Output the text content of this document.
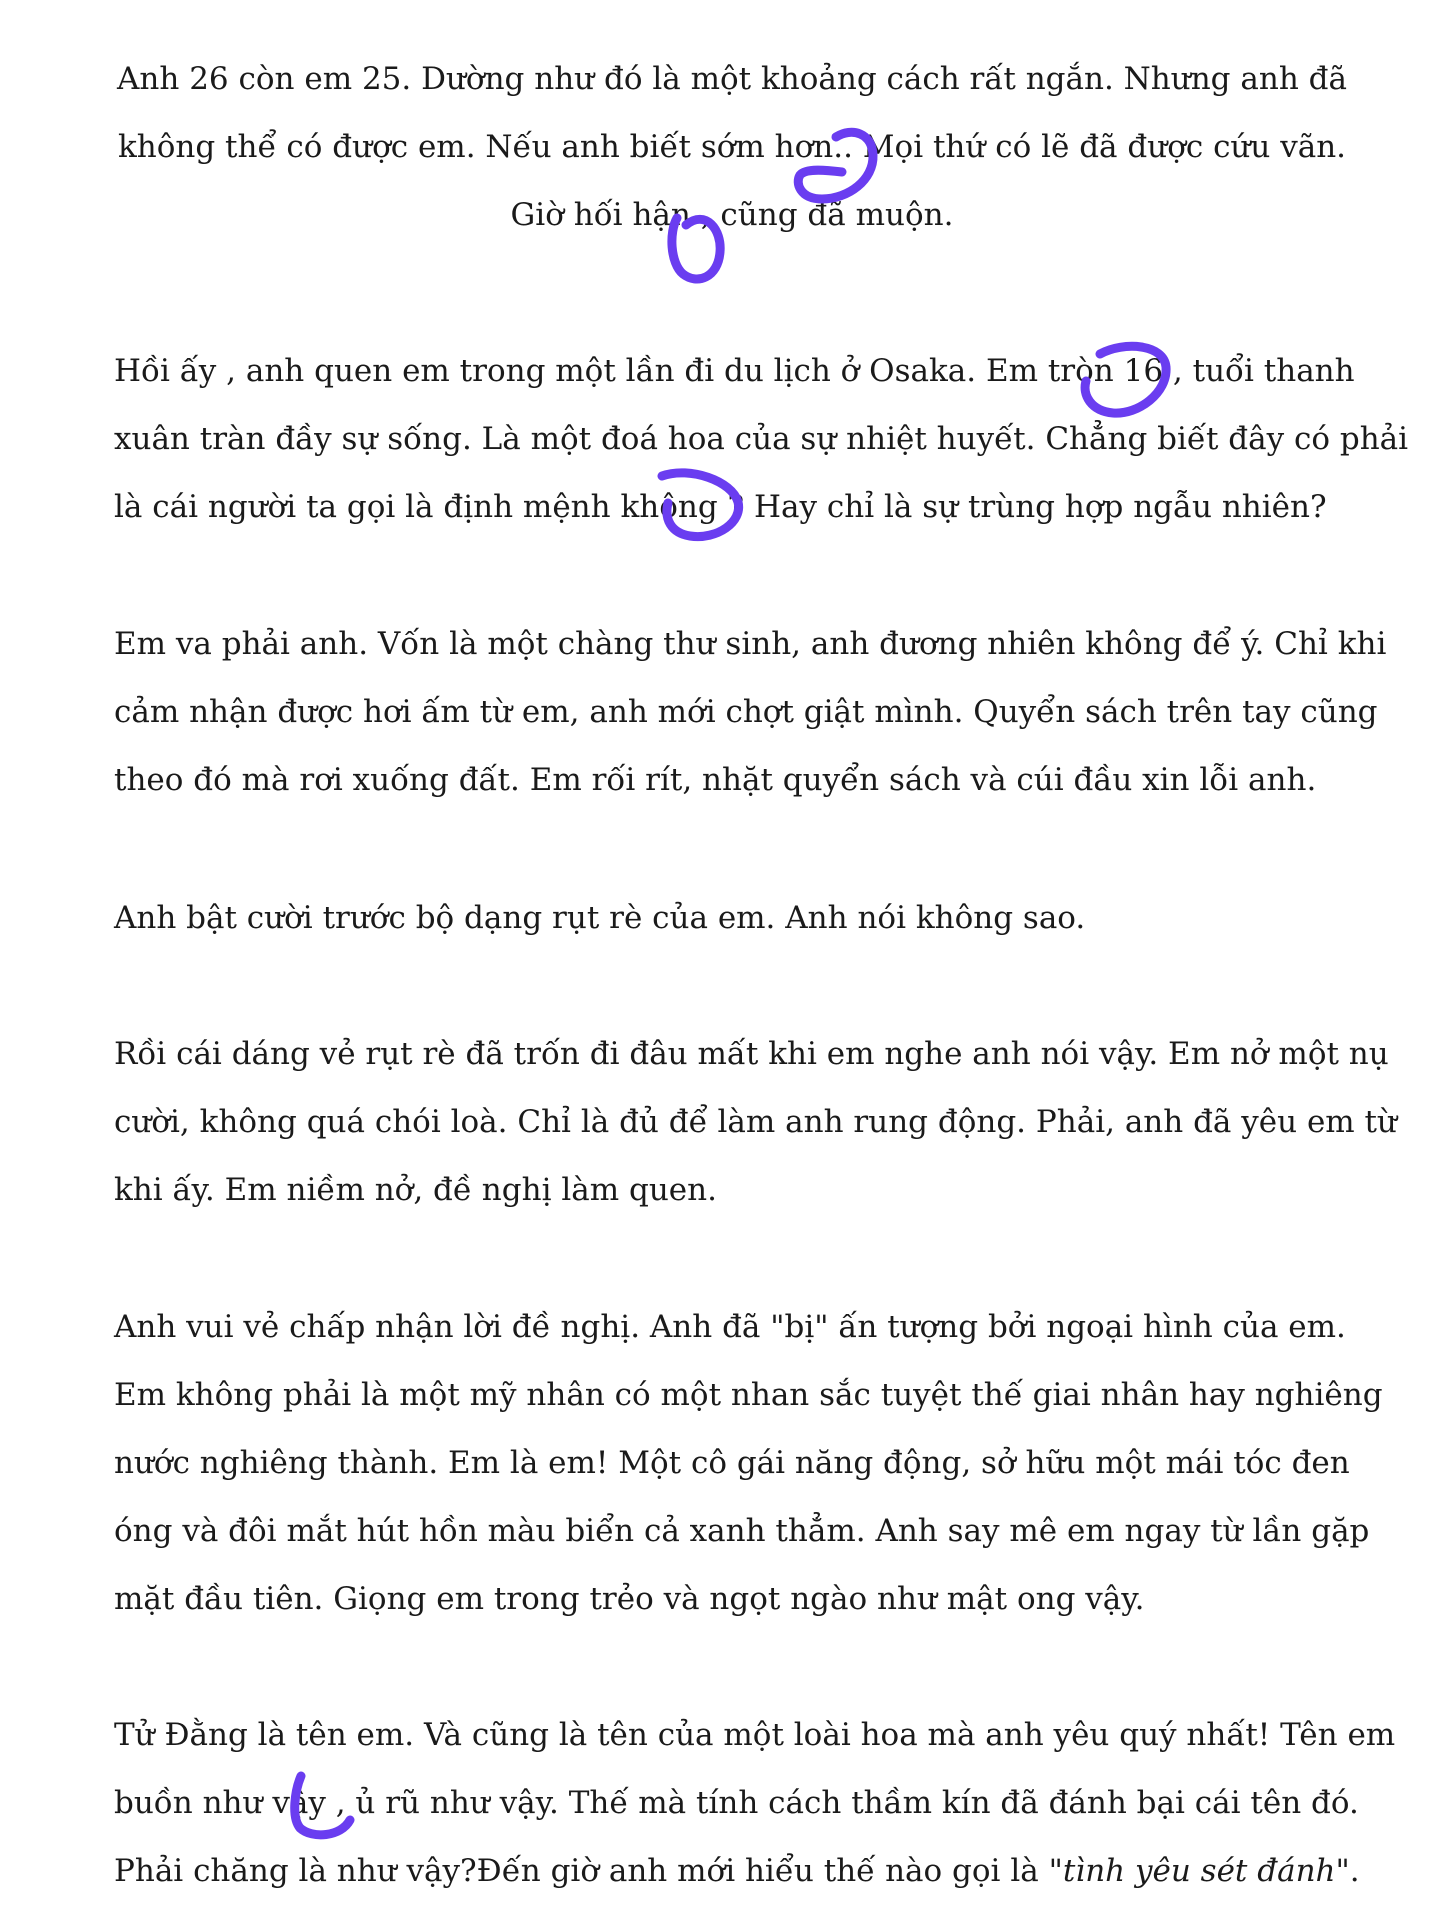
Anh 26 còn em 25. Dường như đó là một khoảng cách rất ngắn. Nhưng anh đã
không thể có được em. Nếu anh biết sớm hơn.. Mọi thứ có lẽ đã được cứu vãn.
Giờ hối hận , cũng đã muộn.

Hồi ấy , anh quen em trong một lần đi du lịch ở Osaka. Em tròn 16 , tuổi thanh
xuân tràn đầy sự sống. Là một đoá hoa của sự nhiệt huyết. Chẳng biết đây có phải
là cái người ta gọi là định mệnh không ? Hay chỉ là sự trùng hợp ngẫu nhiên?

Em va phải anh. Vốn là một chàng thư sinh, anh đương nhiên không để ý. Chỉ khi
cảm nhận được hơi ấm từ em, anh mới chợt giật mình. Quyển sách trên tay cũng
theo đó mà rơi xuống đất. Em rối rít, nhặt quyển sách và cúi đầu xin lỗi anh.

Anh bật cười trước bộ dạng rụt rè của em. Anh nói không sao.

Rồi cái dáng vẻ rụt rè đã trốn đi đâu mất khi em nghe anh nói vậy. Em nở một nụ
cười, không quá chói loà. Chỉ là đủ để làm anh rung động. Phải, anh đã yêu em từ
khi ấy. Em niềm nở, đề nghị làm quen.

Anh vui vẻ chấp nhận lời đề nghị. Anh đã "bị" ấn tượng bởi ngoại hình của em.
Em không phải là một mỹ nhân có một nhan sắc tuyệt thế giai nhân hay nghiêng
nước nghiêng thành. Em là em! Một cô gái năng động, sở hữu một mái tóc đen
óng và đôi mắt hút hồn màu biển cả xanh thẳm. Anh say mê em ngay từ lần gặp
mặt đầu tiên. Giọng em trong trẻo và ngọt ngào như mật ong vậy.

Tử Đằng là tên em. Và cũng là tên của một loài hoa mà anh yêu quý nhất! Tên em
buồn như vậy , ủ rũ như vậy. Thế mà tính cách thầm kín đã đánh bại cái tên đó.
Phải chăng là như vậy?Đến giờ anh mới hiểu thế nào gọi là "tình yêu sét đánh".
